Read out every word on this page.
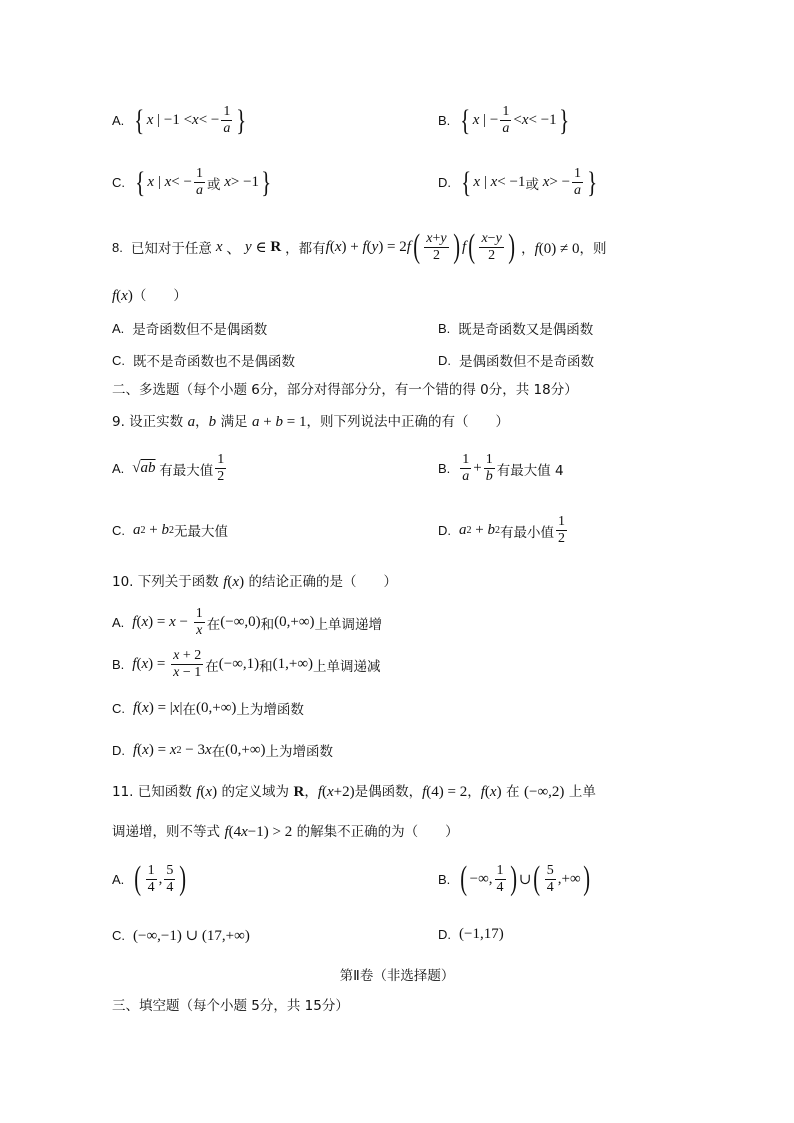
A. { x | −1 < x < − $\frac{1}{a}$ }	B. { x | − $\frac{1}{a} < x < -1$ }
C. { x | x < − $\frac{1}{a}$ 或
x > −1 }	D. { x | x < −1 或
x > − $\frac{1}{a}$ }
8. 已知对于任意 x 、 y ∈ R ，都有 f ( x ) + f ( y ) = 2 f ( $\frac{x+y}{2}$ ) f ( $\frac{x-y}{2}$ ) ， f (0) ≠ 0，则
f ( x )（　　）
A. 是奇函数但不是偶函数	B. 既是奇函数又是偶函数
C. 既不是奇函数也不是偶函数	D. 是偶函数但不是奇函数
二、多选题（每个小题 6分，部分对得部分分，有一个错的得 0分，共 18分）
9. 设正实数 a ， b 满足 a + b = 1，则下列说法中正确的有（　　）
A. √ ab
有最大值 $\frac{1}{2}$	B. $\frac{1}{a} + \frac{1}{b}$ 有最大值 4
C. a 2 + b 2 无最大值	D. a 2 + b 2 有最小值 $\frac{1}{2}$
10. 下列关于函数 f ( x ) 的结论正确的是（　　）
A. f ( x ) = $x - \frac{1}{x}$ 在 (−∞,0) 和 (0,+∞) 上单调递增
B. f ( x ) = $\frac{x + 2}{x - 1}$ 在 (−∞,1) 和 (1,+∞) 上单调递减
C. f ( x ) = | x | 在 (0,+∞) 上为增函数
D. f ( x ) = x 2 − 3 x 在 (0,+∞) 上为增函数
11. 已知函数 f ( x ) 的定义域为 R ， f ( x +2)是偶函数， f (4) = 2， f ( x ) 在 (−∞,2) 上单
调递增，则不等式 f (4 x −1) > 2 的解集不正确的为（　　）
A. ( $\frac{1}{4}$ , $\frac{5}{4}$ )	B. ( −∞, $\frac{1}{4}$ ) ∪ ( $\frac{5}{4}$ ,+∞ )
C. (−∞,−1) ∪ (17,+∞)	D. (−1,17)
第Ⅱ卷（非选择题）
三、填空题（每个小题 5分，共 15分）
